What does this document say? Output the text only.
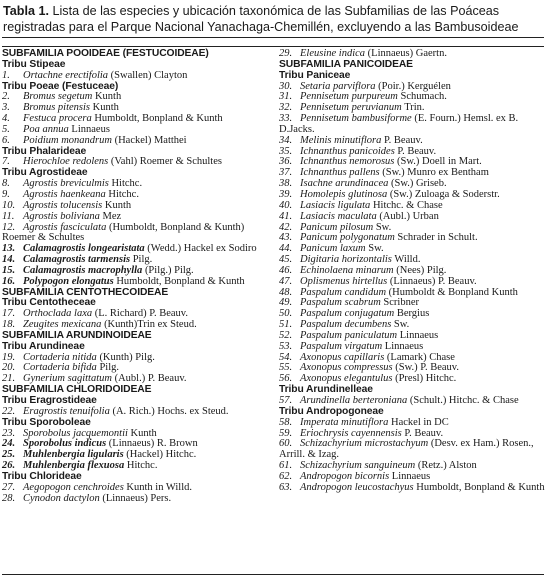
Tabla 1. Lista de las especies y ubicación taxonómica de las Subfamilias de las Poáceas registradas para el Parque Nacional Yanachaga-Chemillén, excluyendo a las Bambusoideae
SUBFAMILIA POOIDEAE (FESTUCOIDEAE)
Tribu Stipeae
1. Ortachne erectifolia (Swallen) Clayton
Tribu Poeae (Festuceae)
2. Bromus segetum Kunth
3. Bromus pitensis Kunth
4. Festuca procera Humboldt, Bonpland & Kunth
5. Poa annua Linnaeus
6. Poidium monandrum (Hackel) Matthei
Tribu Phalarideae
7. Hierochloe redolens (Vahl) Roemer & Schultes
Tribu Agrostideae
8. Agrostis breviculmis Hitchc.
9. Agrostis haenkeana Hitchc.
10. Agrostis tolucensis Kunth
11. Agrostis boliviana Mez
12. Agrostis fasciculata (Humboldt, Bonpland & Kunth) Roemer & Schultes
13. Calamagrostis longearistata (Wedd.) Hackel ex Sodiro
14. Calamagrostis tarmensis Pilg.
15. Calamagrostis macrophylla (Pilg.) Pilg.
16. Polypogon elongatus Humboldt, Bonpland & Kunth
SUBFAMILIA CENTOTHECOIDEAE
Tribu Centotheceae
17. Orthoclada laxa (L. Richard) P. Beauv.
18. Zeugites mexicana (Kunth)Trin ex Steud.
SUBFAMILIA ARUNDINOIDEAE
Tribu Arundineae
19. Cortaderia nitida (Kunth) Pilg.
20. Cortaderia bifida Pilg.
21. Gynerium sagittatum (Aubl.) P. Beauv.
SUBFAMILIA CHLORIDOIDEAE
Tribu Eragrostideae
22. Eragrostis tenuifolia (A. Rich.) Hochs. ex Steud.
Tribu Sporoboleae
23. Sporobolus jacquemontii Kunth
24. Sporobolus indicus (Linnaeus) R. Brown
25. Muhlenbergia ligularis (Hackel) Hitchc.
26. Muhlenbergia flexuosa Hitchc.
Tribu Chlorideae
27. Aegopogon cenchroides Kunth in Willd.
28. Cynodon dactylon (Linnaeus) Pers.
29. Eleusine indica (Linnaeus) Gaertn.
SUBFAMILIA PANICOIDEAE
Tribu Paniceae
30. Setaria parviflora (Poir.) Kerguélen
31. Pennisetum purpureum Schumach.
32. Pennisetum peruvianum Trin.
33. Pennisetum bambusiforme (E. Fourn.) Hemsl. ex B. D.Jacks.
34. Melinis minutiflora P. Beauv.
35. Ichnanthus panicoides P. Beauv.
36. Ichnanthus nemorosus (Sw.) Doell in Mart.
37. Ichnanthus pallens (Sw.) Munro ex Bentham
38. Isachne arundinacea (Sw.) Griseb.
39. Homolepis glutinosa (Sw.) Zuloaga & Soderstr.
40. Lasiacis ligulata Hitchc. & Chase
41. Lasiacis maculata (Aubl.) Urban
42. Panicum pilosum Sw.
43. Panicum polygonatum Schrader in Schult.
44. Panicum laxum Sw.
45. Digitaria horizontalis Willd.
46. Echinolaena minarum (Nees) Pilg.
47. Oplismenus hirtellus (Linnaeus) P. Beauv.
48. Paspalum candidum (Humboldt & Bonpland Kunth
49. Paspalum scabrum Scribner
50. Paspalum conjugatum Bergius
51. Paspalum decumbens Sw.
52. Paspalum paniculatum Linnaeus
53. Paspalum virgatum Linnaeus
54. Axonopus capillaris (Lamark) Chase
55. Axonopus compressus (Sw.) P. Beauv.
56. Axonopus elegantulus (Presl) Hitchc.
Tribu Arundinelleae
57. Arundinella berteroniana (Schult.) Hitchc. & Chase
Tribu Andropogoneae
58. Imperata minutiflora Hackel in DC
59. Eriochrysis cayennensis P. Beauv.
60. Schizachyrium microstachyum (Desv. ex Ham.) Rosen., Arrill. & Izag.
61. Schizachyrium sanguineum (Retz.) Alston
62. Andropogon bicornis Linnaeus
63. Andropogon leucostachyus Humboldt, Bonpland & Kunth
